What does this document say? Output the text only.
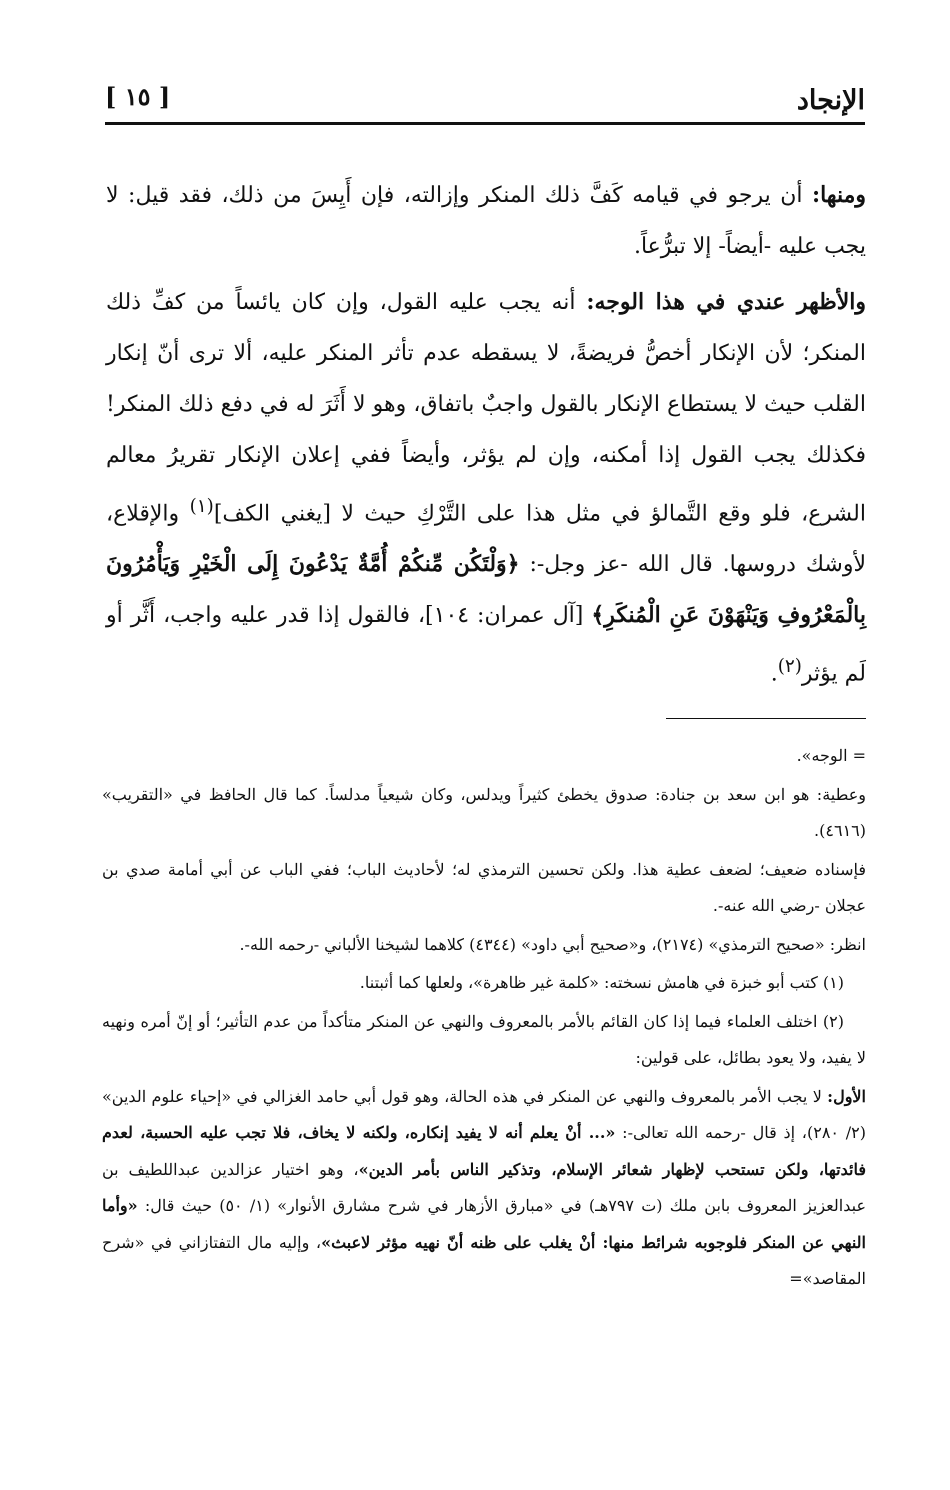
الإنجاد
[ ١٥ ]

ومنها: أن يرجو في قيامه كَفَّ ذلك المنكر وإزالته، فإن أَيِسَ من ذلك، فقد قيل: لا يجب عليه -أيضاً- إلا تبرُّعاً.

والأظهر عندي في هذا الوجه: أنه يجب عليه القول، وإن كان يائساً من كفِّ ذلك المنكر؛ لأن الإنكار أخصُّ فريضةً، لا يسقطه عدم تأثر المنكر عليه، ألا ترى أنّ إنكار القلب حيث لا يستطاع الإنكار بالقول واجبٌ باتفاق، وهو لا أَثَرَ له في دفع ذلك المنكر! فكذلك يجب القول إذا أمكنه، وإن لم يؤثر، وأيضاً ففي إعلان الإنكار تقريرُ معالم الشرع، فلو وقع التَّمالؤ في مثل هذا على التَّرْكِ حيث لا [يغني الكف]$^{(١)}$ والإقلاع، لأوشك دروسها. قال الله -عز وجل-: ﴿وَلْتَكُن مِّنكُمْ أُمَّةٌ يَدْعُونَ إِلَى الْخَيْرِ وَيَأْمُرُونَ بِالْمَعْرُوفِ وَيَنْهَوْنَ عَنِ الْمُنكَرِ﴾ [آل عمران: ١٠٤]، فالقول إذا قدر عليه واجب، أَثَّر أو لَم يؤثر$^{(٢)}$.

= الوجه».

وعطية: هو ابن سعد بن جنادة: صدوق يخطئ كثيراً ويدلس، وكان شيعياً مدلساً. كما قال الحافظ في «التقريب» (٤٦١٦).

فإسناده ضعيف؛ لضعف عطية هذا. ولكن تحسين الترمذي له؛ لأحاديث الباب؛ ففي الباب عن أبي أمامة صدي بن عجلان -رضي الله عنه-.

انظر: «صحيح الترمذي» (٢١٧٤)، و«صحيح أبي داود» (٤٣٤٤) كلاهما لشيخنا الألباني -رحمه الله-.

(١) كتب أبو خبزة في هامش نسخته: «كلمة غير ظاهرة»، ولعلها كما أثبتنا.

(٢) اختلف العلماء فيما إذا كان القائم بالأمر بالمعروف والنهي عن المنكر متأكداً من عدم التأثير؛ أو إنّ أمره ونهيه لا يفيد، ولا يعود بطائل، على قولين:

الأول: لا يجب الأمر بالمعروف والنهي عن المنكر في هذه الحالة، وهو قول أبي حامد الغزالي في «إحياء علوم الدين» (٢/ ٢٨٠)، إذ قال -رحمه الله تعالى-: «... أنْ يعلم أنه لا يفيد إنكاره، ولكنه لا يخاف، فلا تجب عليه الحسبة، لعدم فائدتها، ولكن تستحب لإظهار شعائر الإسلام، وتذكير الناس بأمر الدين»، وهو اختيار عزالدين عبداللطيف بن عبدالعزيز المعروف بابن ملك (ت ٧٩٧هـ) في «مبارق الأزهار في شرح مشارق الأنوار» (١/ ٥٠) حيث قال: «وأما النهي عن المنكر فلوجوبه شرائط منها: أنْ يغلب على ظنه أنّ نهيه مؤثر لاعبث»، وإليه مال التفتازاني في «شرح المقاصد»=
